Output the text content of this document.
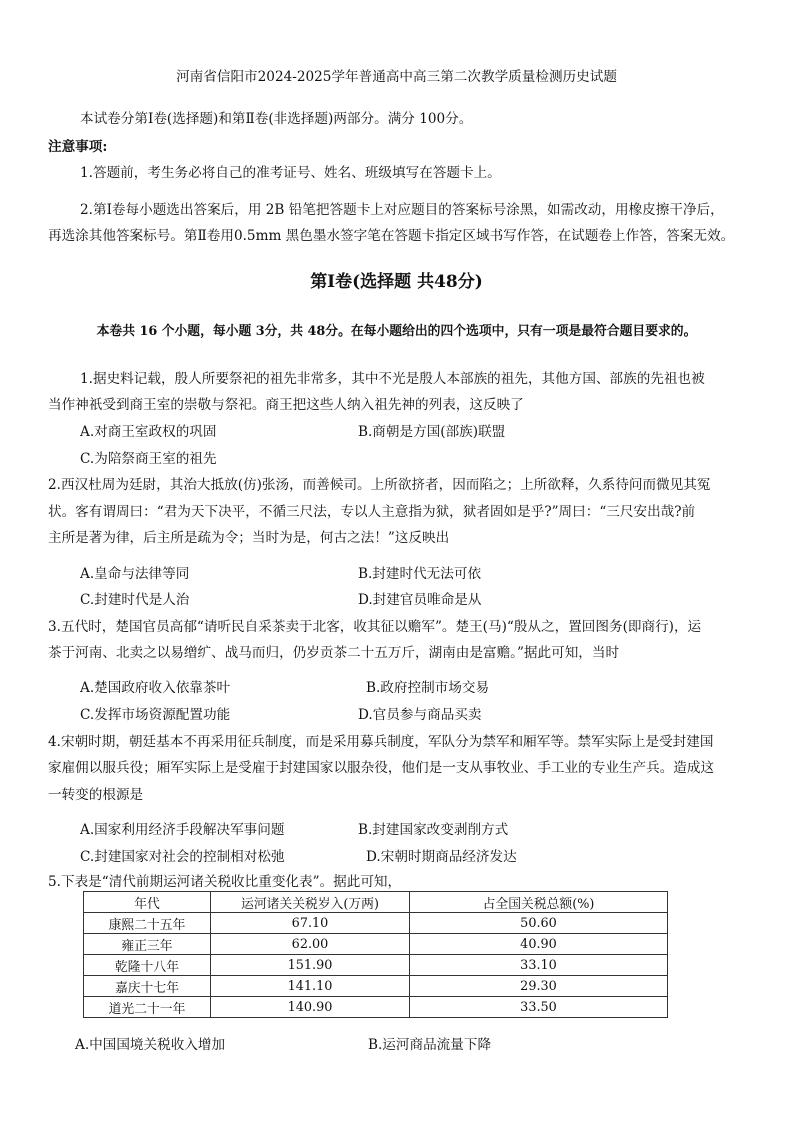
河南省信阳市2024-2025学年普通高中高三第二次教学质量检测历史试题
本试卷分第Ⅰ卷(选择题)和第Ⅱ卷(非选择题)两部分。满分 100分。
注意事项:
1.答题前，考生务必将自己的准考证号、姓名、班级填写在答题卡上。
2.第Ⅰ卷每小题选出答案后，用 2B 铅笔把答题卡上对应题目的答案标号涂黑，如需改动，用橡皮擦干净后，
再选涂其他答案标号。第Ⅱ卷用0.5mm 黑色墨水签字笔在答题卡指定区域书写作答，在试题卷上作答，答案无效。
第Ⅰ卷(选择题 共48分)
本卷共 16 个小题，每小题 3分，共 48分。在每小题给出的四个选项中，只有一项是最符合题目要求的。
1.据史料记载，殷人所要祭祀的祖先非常多，其中不光是殷人本部族的祖先，其他方国、部族的先祖也被
当作神祇受到商王室的崇敬与祭祀。商王把这些人纳入祖先神的列表，这反映了
A.对商王室政权的巩固	B.商朝是方国(部族)联盟
C.为陪祭商王室的祖先
2.西汉杜周为廷尉，其治大抵放(仿)张汤，而善候司。上所欲挤者，因而陷之；上所欲释，久系待问而微见其冤
状。客有谓周曰：“君为天下决平，不循三尺法，专以人主意指为狱，狱者固如是乎?”周曰：“三尺安出哉?前
主所是著为律，后主所是疏为令；当时为是，何古之法！”这反映出
A.皇命与法律等同	B.封建时代无法可依
C.封建时代是人治	D.封建官员唯命是从
3.五代时，楚国官员高郁“请听民自采茶卖于北客，收其征以赡军”。楚王(马)“殷从之，置回图务(即商行)，运
茶于河南、北卖之以易缯纩、战马而归，仍岁贡茶二十五万斤，湖南由是富赡。”据此可知，当时
A.楚国政府收入依靠茶叶	B.政府控制市场交易
C.发挥市场资源配置功能	D.官员参与商品买卖
4.宋朝时期，朝廷基本不再采用征兵制度，而是采用募兵制度，军队分为禁军和厢军等。禁军实际上是受封建国
家雇佣以服兵役；厢军实际上是受雇于封建国家以服杂役，他们是一支从事牧业、手工业的专业生产兵。造成这
一转变的根源是
A.国家利用经济手段解决军事问题	B.封建国家改变剥削方式
C.封建国家对社会的控制相对松弛	D.宋朝时期商品经济发达
5.下表是“清代前期运河诸关税收比重变化表”。据此可知，
年代	运河诸关关税岁入(万两)	占全国关税总额(%)
康熙二十五年	67.10	50.60
雍正三年	62.00	40.90
乾隆十八年	151.90	33.10
嘉庆十七年	141.10	29.30
道光二十一年	140.90	33.50
A.中国国境关税收入增加	B.运河商品流量下降
